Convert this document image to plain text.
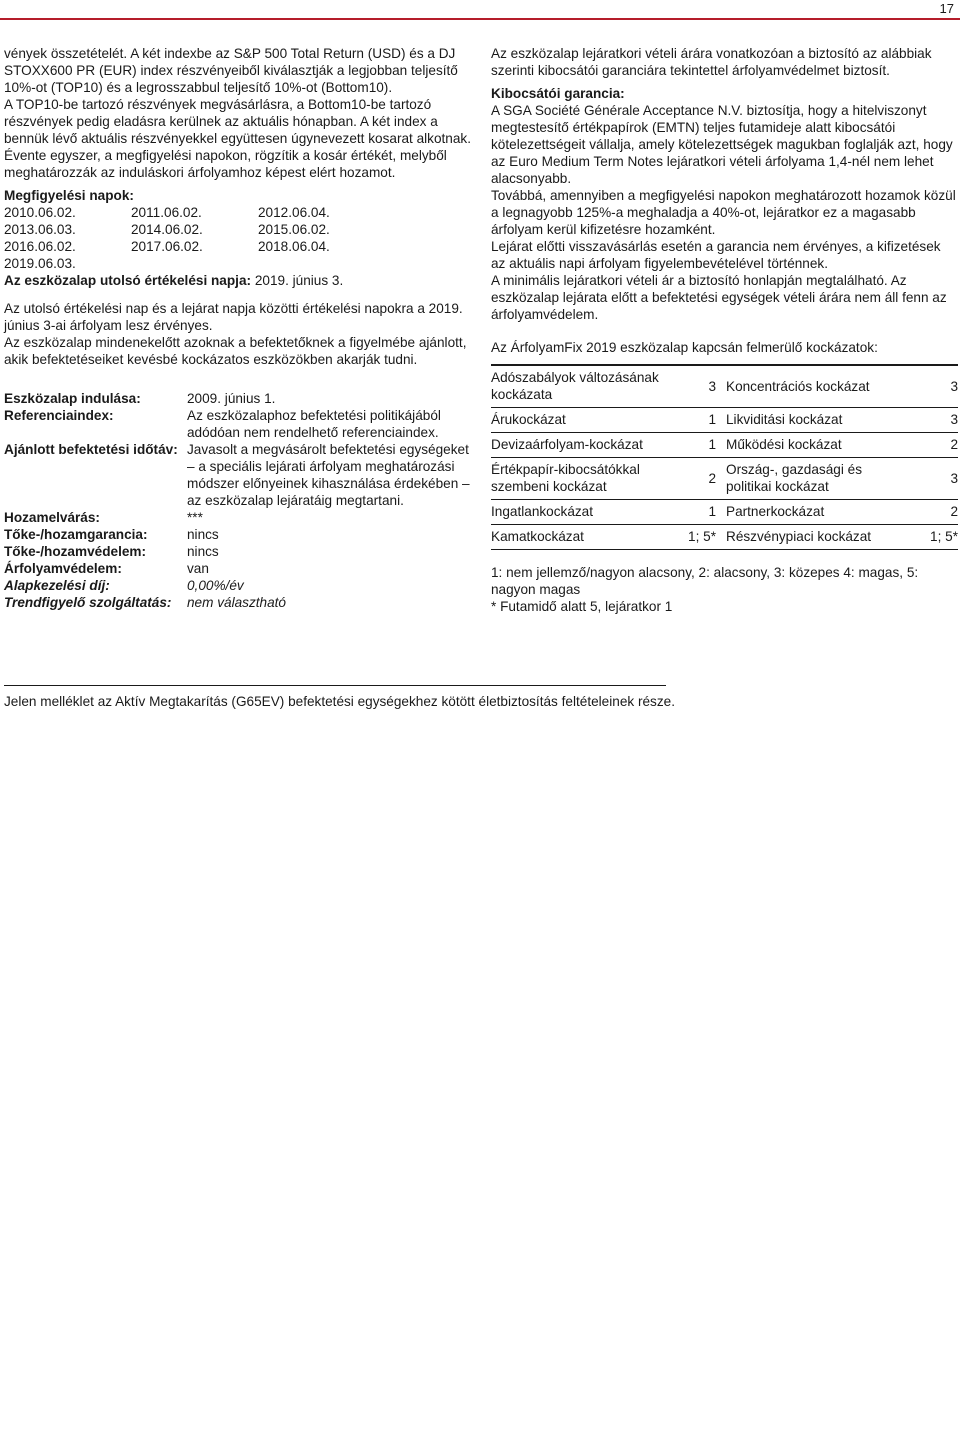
17

vények összetételét. A két indexbe az S&P 500 Total Return (USD) és a DJ STOXX600 PR (EUR) index részvényeiből kiválasztják a legjobban teljesítő 10%-ot (TOP10) és a legrosszabbul teljesítő 10%-ot (Bottom10).

A TOP10-be tartozó részvények megvásárlásra, a Bottom10-be tartozó részvények pedig eladásra kerülnek az aktuális hónapban. A két index a bennük lévő aktuális részvényekkel együttesen úgynevezett kosarat alkotnak. Évente egyszer, a megfigyelési napokon, rögzítik a kosár értékét, melyből meghatározzák az induláskori árfolyamhoz képest elért hozamot.

Megfigyelési napok:

2010.06.02.	2011.06.02.	2012.06.04.
2013.06.03.	2014.06.02.	2015.06.02.
2016.06.02.	2017.06.02.	2018.06.04.
2019.06.03.

Az eszközalap utolsó értékelési napja: 2019. június 3.

Az utolsó értékelési nap és a lejárat napja közötti értékelési napokra a 2019. június 3-ai árfolyam lesz érvényes.

Az eszközalap mindenekelőtt azoknak a befektetőknek a figyelmébe ajánlott, akik befektetéseiket kevésbé kockázatos eszközökben akarják tudni.

Eszközalap indulása:	2009. június 1.
Referenciaindex:	Az eszközalaphoz befektetési politikájából adódóan nem rendelhető referenciaindex.
Ajánlott befektetési időtáv: Javasolt a megvásárolt befektetési egységeket – a speciális lejárati árfolyam meghatározási módszer előnyeinek kihasználása érdekében – az eszközalap lejáratáig megtartani.
Hozamelvárás:	***
Tőke-/hozamgarancia:	nincs
Tőke-/hozamvédelem:	nincs
Árfolyamvédelem:	van
Alapkezelési díj:	0,00%/év
Trendfigyelő szolgáltatás:	nem választható

Az eszközalap lejáratkori vételi árára vonatkozóan a biztosító az alábbiak szerinti kibocsátói garanciára tekintettel árfolyamvédelmet biztosít.

Kibocsátói garancia:

A SGA Société Générale Acceptance N.V. biztosítja, hogy a hitelviszonyt megtestesítő értékpapírok (EMTN) teljes futamideje alatt kibocsátói kötelezettségeit vállalja, amely kötelezettségek magukban foglalják azt, hogy az Euro Medium Term Notes lejáratkori vételi árfolyama 1,4-nél nem lehet alacsonyabb.

Továbbá, amennyiben a megfigyelési napokon meghatározott hozamok közül a legnagyobb 125%-a meghaladja a 40%-ot, lejáratkor ez a magasabb árfolyam kerül kifizetésre hozamként.

Lejárat előtti visszavásárlás esetén a garancia nem érvényes, a kifizetések az aktuális napi árfolyam figyelembevételével történnek.

A minimális lejáratkori vételi ár a biztosító honlapján megtalálható. Az eszközalap lejárata előtt a befektetési egységek vételi árára nem áll fenn az árfolyamvédelem.

Az ÁrfolyamFix 2019 eszközalap kapcsán felmerülő kockázatok:

Adószabályok változásának kockázata	3	Koncentrációs kockázat	3
Árukockázat	1	Likviditási kockázat	3
Devizaárfolyam-kockázat	1	Működési kockázat	2
Értékpapír-kibocsátókkal szembeni kockázat	2	Ország-, gazdasági és politikai kockázat	3
Ingatlankockázat	1	Partnerkockázat	2
Kamatkockázat	1; 5*	Részvénypiaci kockázat	1; 5*

1: nem jellemző/nagyon alacsony, 2: alacsony, 3: közepes 4: magas, 5: nagyon magas

* Futamidő alatt 5, lejáratkor 1

Jelen melléklet az Aktív Megtakarítás (G65EV) befektetési egységekhez kötött életbiztosítás feltételeinek része.
